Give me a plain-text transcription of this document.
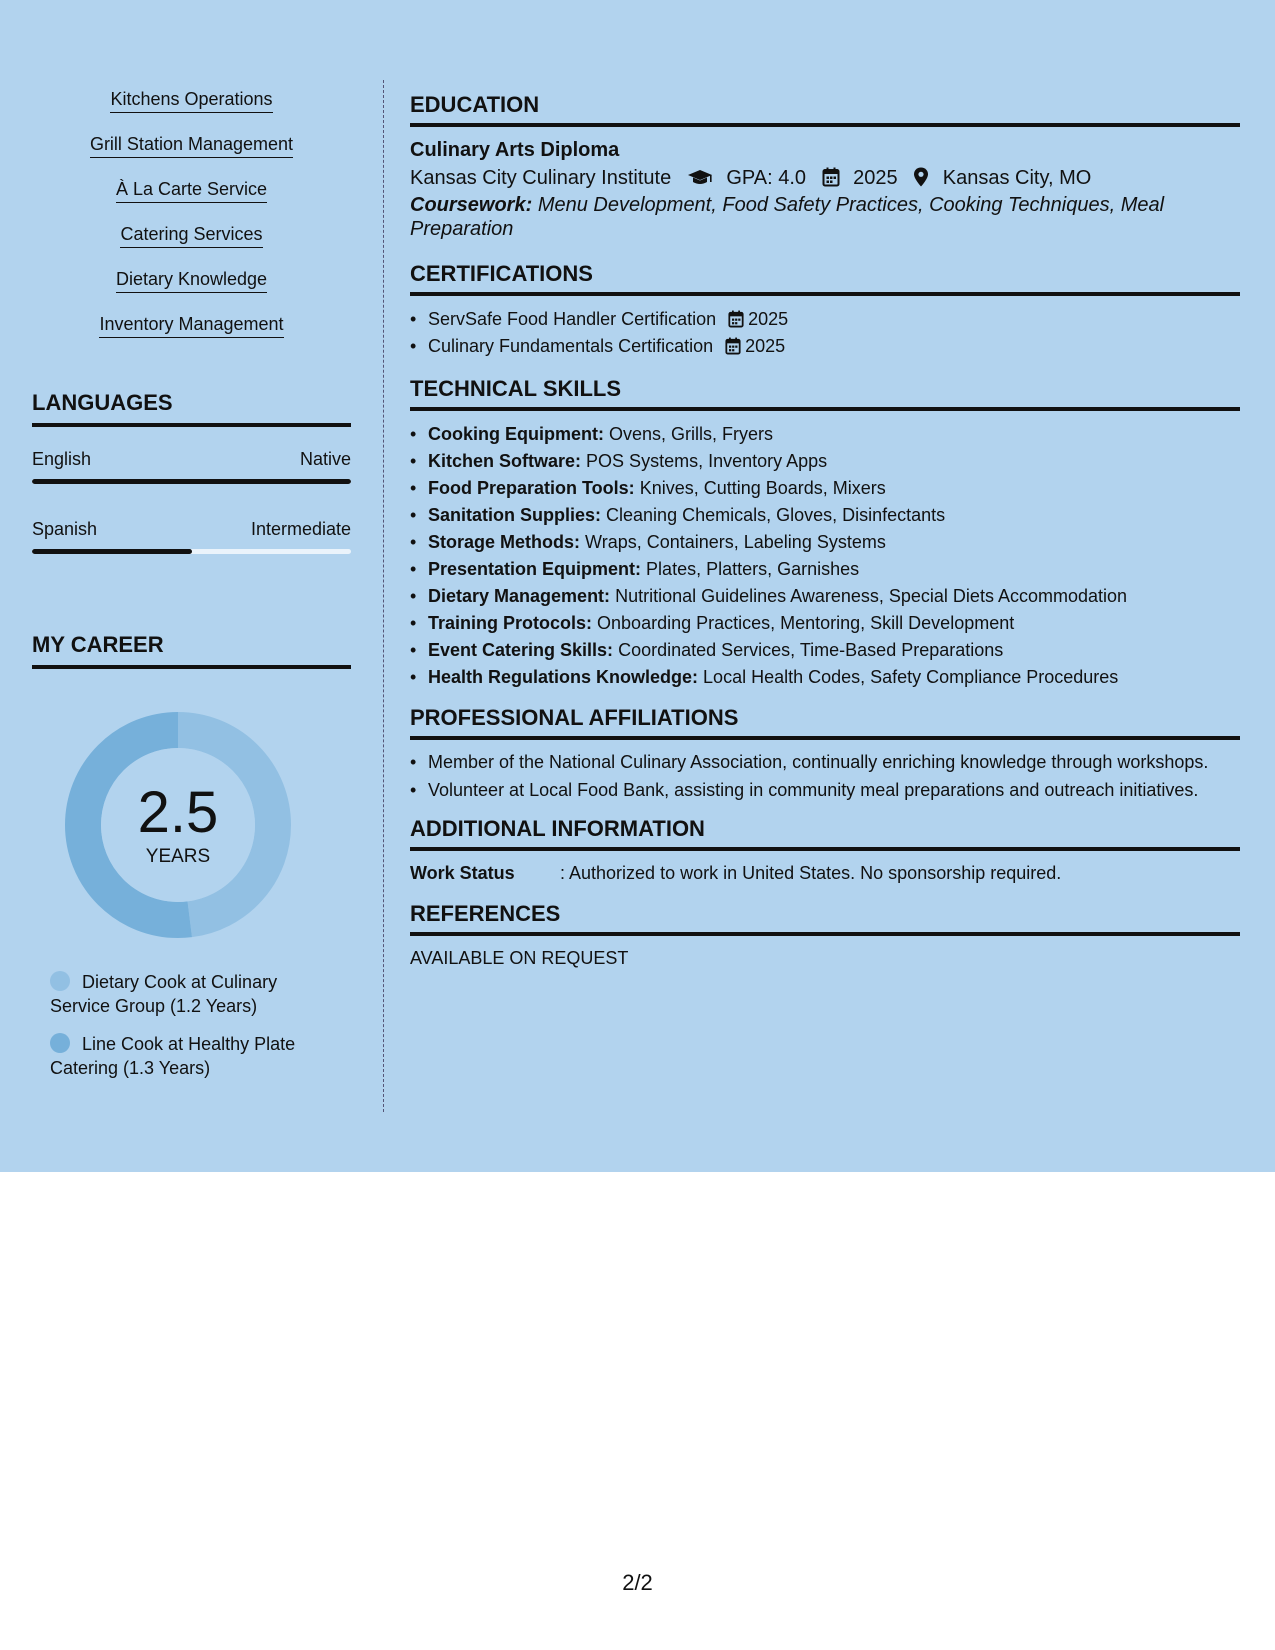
Kitchens Operations
Grill Station Management
À La Carte Service
Catering Services
Dietary Knowledge
Inventory Management
LANGUAGES
English	Native
Spanish	Intermediate
MY CAREER
2.5
YEARS
Dietary Cook at Culinary Service Group (1.2 Years)
Line Cook at Healthy Plate Catering (1.3 Years)
EDUCATION
Culinary Arts Diploma
Kansas City Culinary Institute	GPA: 4.0 2025 Kansas City, MO
Coursework: Menu Development, Food Safety Practices, Cooking Techniques, Meal Preparation
CERTIFICATIONS
• ServSafe Food Handler Certification 2025
• Culinary Fundamentals Certification 2025
TECHNICAL SKILLS
• Cooking Equipment: Ovens, Grills, Fryers
• Kitchen Software: POS Systems, Inventory Apps
• Food Preparation Tools: Knives, Cutting Boards, Mixers
• Sanitation Supplies: Cleaning Chemicals, Gloves, Disinfectants
• Storage Methods: Wraps, Containers, Labeling Systems
• Presentation Equipment: Plates, Platters, Garnishes
• Dietary Management: Nutritional Guidelines Awareness, Special Diets Accommodation
• Training Protocols: Onboarding Practices, Mentoring, Skill Development
• Event Catering Skills: Coordinated Services, Time-Based Preparations
• Health Regulations Knowledge: Local Health Codes, Safety Compliance Procedures
PROFESSIONAL AFFILIATIONS
• Member of the National Culinary Association, continually enriching knowledge through workshops.
• Volunteer at Local Food Bank, assisting in community meal preparations and outreach initiatives.
ADDITIONAL INFORMATION
Work Status	: Authorized to work in United States. No sponsorship required.
REFERENCES
AVAILABLE ON REQUEST
2/2
